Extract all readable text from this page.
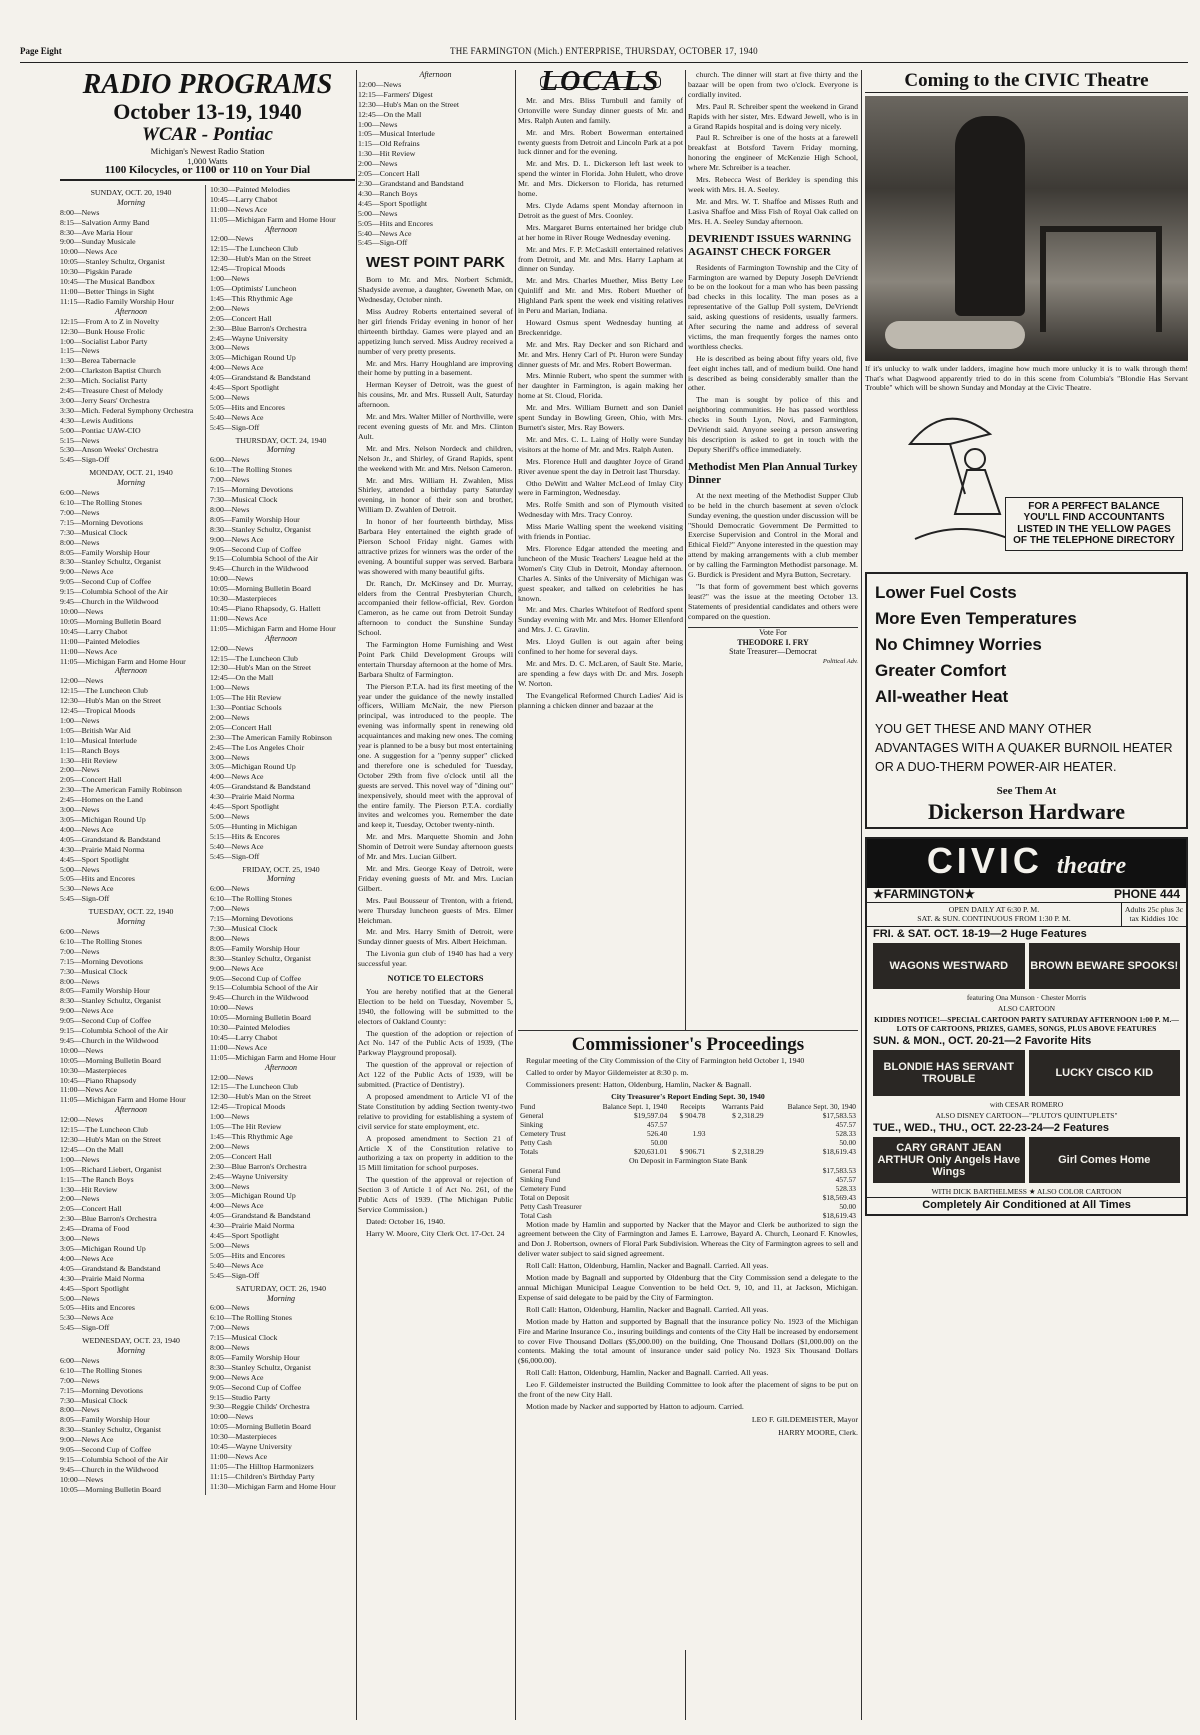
Page Eight	THE FARMINGTON (Mich.) ENTERPRISE, THURSDAY, OCTOBER 17, 1940
RADIO PROGRAMS
October 13-19, 1940
WCAR - Pontiac
Michigan's Newest Radio Station
1,000 Watts
1100 Kilocycles, or 1100 or 110 on Your Dial
SUNDAY, OCT. 20, 1940
Morning
8:00—News
8:15—Salvation Army Band
8:30—Ave Maria Hour
9:00—Sunday Musicale
10:00—News Ace
10:05—Stanley Schultz, Organist
10:30—Pigskin Parade
10:45—The Musical Bandbox
11:00—Better Things in Sight
11:15—Radio Family Worship Hour
Afternoon
12:15—From A to Z in Novelty
12:30—Bunk House Frolic
1:00—Socialist Labor Party
1:15—News
1:30—Berea Tabernacle
2:00—Clarkston Baptist Church
2:30—Mich. Socialist Party
2:45—Treasure Chest of Melody
3:00—Jerry Sears' Orchestra
3:30—Mich. Federal Symphony Orchestra
4:30—Lewis Auditions
5:00—Pontiac UAW-CIO
5:15—News
5:30—Anson Weeks' Orchestra
5:45—Sign-Off
MONDAY, OCT. 21, 1940
Morning
6:00—News
6:10—The Rolling Stones
7:00—News
7:15—Morning Devotions
7:30—Musical Clock
8:00—News
8:05—Family Worship Hour
8:30—Stanley Schultz, Organist
9:00—News Ace
9:05—Second Cup of Coffee
9:15—Columbia School of the Air
9:45—Church in the Wildwood
10:00—News
10:05—Morning Bulletin Board
10:45—Larry Chabot
11:00—Painted Melodies
11:00—News Ace
11:05—Michigan Farm and Home Hour
Afternoon
12:00—News
12:15—The Luncheon Club
12:30—Hub's Man on the Street
12:45—Tropical Moods
1:00—News
1:05—British War Aid
1:10—Musical Interlude
1:15—Ranch Boys
1:30—Hit Review
2:00—News
2:05—Concert Hall
2:30—The American Family Robinson
2:45—Homes on the Land
3:00—News
3:05—Michigan Round Up
4:00—News Ace
4:05—Grandstand & Bandstand
4:30—Prairie Maid Norma
4:45—Sport Spotlight
5:00—News
5:05—Hits and Encores
5:30—News Ace
5:45—Sign-Off
TUESDAY, OCT. 22, 1940
Morning
6:00—News
6:10—The Rolling Stones
7:00—News
7:15—Morning Devotions
7:30—Musical Clock
8:00—News
8:05—Family Worship Hour
8:30—Stanley Schultz, Organist
9:00—News Ace
9:05—Second Cup of Coffee
9:15—Columbia School of the Air
9:45—Church in the Wildwood
10:00—News
10:05—Morning Bulletin Board
10:30—Masterpieces
10:45—Piano Rhapsody
11:00—News Ace
11:05—Michigan Farm and Home Hour
Afternoon
12:00—News
12:15—The Luncheon Club
12:30—Hub's Man on the Street
12:45—On the Mall
1:00—News
1:05—Richard Liebert, Organist
1:15—The Ranch Boys
1:30—Hit Review
2:00—News
2:05—Concert Hall
2:30—Blue Barron's Orchestra
2:45—Drama of Food
3:00—News
3:05—Michigan Round Up
4:00—News Ace
4:05—Grandstand & Bandstand
4:30—Prairie Maid Norma
4:45—Sport Spotlight
5:00—News
5:05—Hits and Encores
5:30—News Ace
5:45—Sign-Off
WEDNESDAY, OCT. 23, 1940
Morning
6:00—News
6:10—The Rolling Stones
7:00—News
7:15—Morning Devotions
7:30—Musical Clock
8:00—News
8:05—Family Worship Hour
8:30—Stanley Schultz, Organist
9:00—News Ace
9:05—Second Cup of Coffee
9:15—Columbia School of the Air
9:45—Church in the Wildwood
10:00—News
10:05—Morning Bulletin Board
10:30—Painted Melodies
10:45—Larry Chabot
11:00—News Ace
11:05—Michigan Farm and Home Hour
Afternoon
12:00—News
12:15—The Luncheon Club
12:30—Hub's Man on the Street
12:45—Tropical Moods
1:00—News
1:05—Optimists' Luncheon
1:45—This Rhythmic Age
2:00—News
2:05—Concert Hall
2:30—Blue Barron's Orchestra
2:45—Wayne University
3:00—News
3:05—Michigan Round Up
4:00—News Ace
4:05—Grandstand & Bandstand
4:45—Sport Spotlight
5:00—News
5:05—Hits and Encores
5:40—News Ace
5:45—Sign-Off
THURSDAY, OCT. 24, 1940
Morning
6:00—News
6:10—The Rolling Stones
7:00—News
7:15—Morning Devotions
7:30—Musical Clock
8:00—News
8:05—Family Worship Hour
8:30—Stanley Schultz, Organist
9:00—News Ace
9:05—Second Cup of Coffee
9:15—Columbia School of the Air
9:45—Church in the Wildwood
10:00—News
10:05—Morning Bulletin Board
10:30—Masterpieces
10:45—Piano Rhapsody, G. Hallett
11:00—News Ace
11:05—Michigan Farm and Home Hour
Afternoon
12:00—News
12:15—The Luncheon Club
12:30—Hub's Man on the Street
12:45—On the Mall
1:00—News
1:05—The Hit Review
1:30—Pontiac Schools
2:00—News
2:05—Concert Hall
2:30—The American Family Robinson
2:45—The Los Angeles Choir
3:00—News
3:05—Michigan Round Up
4:00—News Ace
4:05—Grandstand & Bandstand
4:30—Prairie Maid Norma
4:45—Sport Spotlight
5:00—News
5:05—Hunting in Michigan
5:15—Hits & Encores
5:40—News Ace
5:45—Sign-Off
FRIDAY, OCT. 25, 1940
Morning
6:00—News
6:10—The Rolling Stones
7:00—News
7:15—Morning Devotions
7:30—Musical Clock
8:00—News
8:05—Family Worship Hour
8:30—Stanley Schultz, Organist
9:00—News Ace
9:05—Second Cup of Coffee
9:15—Columbia School of the Air
9:45—Church in the Wildwood
10:00—News
10:05—Morning Bulletin Board
10:30—Painted Melodies
10:45—Larry Chabot
11:00—News Ace
11:05—Michigan Farm and Home Hour
Afternoon
12:00—News
12:15—The Luncheon Club
12:30—Hub's Man on the Street
12:45—Tropical Moods
1:00—News
1:05—The Hit Review
1:45—This Rhythmic Age
2:00—News
2:05—Concert Hall
2:30—Blue Barron's Orchestra
2:45—Wayne University
3:00—News
3:05—Michigan Round Up
4:00—News Ace
4:05—Grandstand & Bandstand
4:30—Prairie Maid Norma
4:45—Sport Spotlight
5:00—News
5:05—Hits and Encores
5:40—News Ace
5:45—Sign-Off
SATURDAY, OCT. 26, 1940
Morning
6:00—News
6:10—The Rolling Stones
7:00—News
7:15—Musical Clock
8:00—News
8:05—Family Worship Hour
8:30—Stanley Schultz, Organist
9:00—News Ace
9:05—Second Cup of Coffee
9:15—Studio Party
9:30—Reggie Childs' Orchestra
10:00—News
10:05—Morning Bulletin Board
10:30—Masterpieces
10:45—Wayne University
11:00—News Ace
11:05—The Hilltop Harmonizers
11:15—Children's Birthday Party
11:30—Michigan Farm and Home Hour
Afternoon
12:00—News
12:15—Farmers' Digest
12:30—Hub's Man on the Street
12:45—On the Mall
1:00—News
1:05—Musical Interlude
1:15—Old Refrains
1:30—Hit Review
2:00—News
2:05—Concert Hall
2:30—Grandstand and Bandstand
4:30—Ranch Boys
4:45—Sport Spotlight
5:00—News
5:05—Hits and Encores
5:40—News Ace
5:45—Sign-Off
WEST POINT PARK

Born to Mr. and Mrs. Norbert Schmidt, Shadyside avenue, a daughter, Gweneth Mae, on Wednesday, October ninth.

Miss Audrey Roberts entertained several of her girl friends Friday evening in honor of her thirteenth birthday. Games were played and an appetizing lunch served. Miss Audrey received a number of very pretty presents.

Mr. and Mrs. Harry Houghland are improving their home by putting in a basement.

Herman Keyser of Detroit, was the guest of his cousins, Mr. and Mrs. Russell Ault, Saturday afternoon.

Mr. and Mrs. Walter Miller of Northville, were recent evening guests of Mr. and Mrs. Clinton Ault.

Mr. and Mrs. Nelson Nordeck and children, Nelson Jr., and Shirley, of Grand Rapids, spent the weekend with Mr. and Mrs. Nelson Cameron.

Mr. and Mrs. William H. Zwahlen, Miss Shirley, attended a birthday party Saturday evening, in honor of their son and brother, William D. Zwahlen of Detroit.

In honor of her fourteenth birthday, Miss Barbara Hey entertained the eighth grade of Pierson School Friday night. Games with attractive prizes for winners was the order of the evening. A bountiful supper was served. Barbara was showered with many beautiful gifts.

Dr. Ranch, Dr. McKinsey and Dr. Murray, elders from the Central Presbyterian Church, accompanied their fellow-official, Rev. Gordon Cameron, as he came out from Detroit Sunday afternoon to conduct the Sunshine Sunday School.

The Farmington Home Furnishing and West Point Park Child Development Groups will entertain Thursday afternoon at the home of Mrs. Barbara Shultz of Farmington.

The Pierson P.T.A. had its first meeting of the year under the guidance of the newly installed officers, William McNair, the new Pierson principal, was introduced to the people. The evening was informally spent in renewing old acquaintances and making new ones. The coming year is planned to be a busy but most entertaining one. A suggestion for a "penny supper" clicked and therefore one is scheduled for Tuesday, October 29th from five o'clock until all the guests are served. This novel way of "dining out" inexpensively, should meet with the approval of the entire family. The Pierson P.T.A. cordially invites and welcomes you. Remember the date and keep it, Tuesday, October twenty-ninth.

Mr. and Mrs. Marquette Shomin and John Shomin of Detroit were Sunday afternoon guests of Mr. and Mrs. Lucian Gilbert.

Mr. and Mrs. George Keay of Detroit, were Friday evening guests of Mr. and Mrs. Lucian Gilbert.

Mrs. Paul Bousseur of Trenton, with a friend, were Thursday luncheon guests of Mrs. Elmer Heichman.

Mr. and Mrs. Harry Smith of Detroit, were Sunday dinner guests of Mrs. Albert Heichman.

The Livonia gun club of 1940 has had a very successful year.

NOTICE TO ELECTORS

You are hereby notified that at the General Election to be held on Tuesday, November 5, 1940, the following will be submitted to the electors of Oakland County:

The question of the adoption or rejection of Act No. 147 of the Public Acts of 1939, (The Parkway Playground proposal).

The question of the approval or rejection of Act 122 of the Public Acts of 1939, will be submitted. (Practice of Dentistry).

A proposed amendment to Article VI of the State Constitution by adding Section twenty-two relative to providing for establishing a system of civil service for state employment, etc.

A proposed amendment to Section 21 of Article X of the Constitution relative to authorizing a tax on property in addition to the 15 Mill limitation for school purposes.

The question of the approval or rejection of Section 3 of Article 1 of Act No. 261, of the Public Acts of 1939. (The Michigan Public Service Commission.)

Dated: October 16, 1940.

Harry W. Moore, City Clerk Oct. 17-Oct. 24

LOCALS

Mr. and Mrs. Bliss Turnbull and family of Ortonville were Sunday dinner guests of Mr. and Mrs. Ralph Auten and family.

Mr. and Mrs. Robert Bowerman entertained twenty guests from Detroit and Lincoln Park at a pot luck dinner and for the evening.

Mr. and Mrs. D. L. Dickerson left last week to spend the winter in Florida. John Hulett, who drove Mr. and Mrs. Dickerson to Florida, has returned home.

Mrs. Clyde Adams spent Monday afternoon in Detroit as the guest of Mrs. Coonley.

Mrs. Margaret Burns entertained her bridge club at her home in River Rouge Wednesday evening.

Mr. and Mrs. F. P. McCaskill entertained relatives from Detroit, and Mr. and Mrs. Harry Lapham at dinner on Sunday.

Mr. and Mrs. Charles Muether, Miss Betty Lee Quinliff and Mr. and Mrs. Robert Muether of Highland Park spent the week end visiting relatives in Peru and Marian, Indiana.

Howard Osmus spent Wednesday hunting at Breckenridge.

Mr. and Mrs. Ray Decker and son Richard and Mr. and Mrs. Henry Carl of Pt. Huron were Sunday dinner guests of Mr. and Mrs. Robert Bowerman.

Mrs. Minnie Rubert, who spent the summer with her daughter in Farmington, is again making her home at St. Cloud, Florida.

Mr. and Mrs. William Burnett and son Daniel spent Sunday in Bowling Green, Ohio, with Mrs. Burnett's sister, Mrs. Ray Bowers.

Mr. and Mrs. C. L. Laing of Holly were Sunday visitors at the home of Mr. and Mrs. Ralph Auten.

Mrs. Florence Hull and daughter Joyce of Grand River avenue spent the day in Detroit last Thursday.

Otho DeWitt and Walter McLeod of Imlay City were in Farmington, Wednesday.

Mrs. Rolfe Smith and son of Plymouth visited Wednesday with Mrs. Tracy Conroy.

Miss Marie Walling spent the weekend visiting with friends in Pontiac.

Mrs. Florence Edgar attended the meeting and luncheon of the Music Teachers' League held at the Women's City Club in Detroit, Monday afternoon. Charles A. Sinks of the University of Michigan was guest speaker, and talked on celebrities he has known.

Mr. and Mrs. Charles Whitefoot of Redford spent Sunday evening with Mr. and Mrs. Homer Ellenford and Mrs. J. C. Gravlin.

Mrs. Lloyd Gullen is out again after being confined to her home for several days.

Mr. and Mrs. D. C. McLaren, of Sault Ste. Marie, are spending a few days with Dr. and Mrs. Joseph W. Norton.

The Evangelical Reformed Church Ladies' Aid is planning a chicken dinner and bazaar at the

church. The dinner will start at five thirty and the bazaar will be open from two o'clock. Everyone is cordially invited.

Mrs. Paul R. Schreiber spent the weekend in Grand Rapids with her sister, Mrs. Edward Jewell, who is in a Grand Rapids hospital and is doing very nicely.

Paul R. Schreiber is one of the hosts at a farewell breakfast at Botsford Tavern Friday morning, honoring the engineer of McKenzie High School, where Mr. Schreiber is a teacher.

Mrs. Rebecca West of Berkley is spending this week with Mrs. H. A. Seeley.

Mr. and Mrs. W. T. Shaffoe and Misses Ruth and Lasiva Shaffoe and Miss Fish of Royal Oak called on Mrs. H. A. Seeley Sunday afternoon.

DEVRIENDT ISSUES WARNING AGAINST CHECK FORGER

Residents of Farmington Township and the City of Farmington are warned by Deputy Joseph DeVriendt to be on the lookout for a man who has been passing bad checks in this locality. The man poses as a representative of the Gallup Poll system, DeVriendt said, asking questions of residents, usually farmers. After securing the name and address of several victims, the man frequently forges the names onto worthless checks.

He is described as being about fifty years old, five feet eight inches tall, and of medium build. One hand is described as being considerably smaller than the other.

The man is sought by police of this and neighboring communities. He has passed worthless checks in South Lyon, Novi, and Farmington, DeVriendt said. Anyone seeing a person answering his description is asked to get in touch with the Deputy Sheriff's office immediately.

Methodist Men Plan Annual Turkey Dinner

At the next meeting of the Methodist Supper Club to be held in the church basement at seven o'clock Sunday evening, the question under discussion will be "Should Democratic Government De Permitted to Exercise Supervision and Control in the Moral and Ethical Field?" Anyone interested in the question may attend by making arrangements with a club member or by calling the Farmington Methodist parsonage. M. G. Burdick is President and Myra Button, Secretary.

"Is that form of government best which governs least?" was the issue at the meeting October 13. Statements of presidential candidates and others were compared on the question.

Vote For
THEODORE I. FRY
State Treasurer—Democrat
Political Adv.
Commissioner's Proceedings

Regular meeting of the City Commission of the City of Farmington held October 1, 1940

Called to order by Mayor Gildemeister at 8:30 p. m.

Commissioners present: Hatton, Oldenburg, Hamlin, Nacker & Bagnall.

City Treasurer's Report Ending Sept. 30, 1940
Fund	Balance Sept. 1, 1940	Receipts	Warrants Paid	Balance Sept. 30, 1940
General	$19,597.04	$ 904.78	$ 2,318.29	$17,583.53
Sinking	457.57			457.57
Cemetery Trust	526.40	1.93		528.33
Petty Cash	50.00			50.00
Totals	$20,631.01	$ 906.71	$ 2,318.29	$18,619.43
On Deposit in Farmington State Bank
General Fund	$17,583.53
Sinking Fund	457.57
Cemetery Fund	528.33
Total on Deposit	$18,569.43
Petty Cash Treasurer	50.00
Total Cash	$18,619.43

Motion made by Hamlin and supported by Nacker that the Mayor and Clerk be authorized to sign the agreement between the City of Farmington and James E. Larrowe, Bayard A. Church, Leonard F. Knowles, and Don J. Robertson, owners of Floral Park Subdivision. Whereas the City of Farmington agrees to sell and deliver water subject to said signed agreement.

Roll Call: Hatton, Oldenburg, Hamlin, Nacker and Bagnall. Carried. All yeas.

Motion made by Bagnall and supported by Oldenburg that the City Commission send a delegate to the annual Michigan Municipal League Convention to be held Oct. 9, 10, and 11, at Jackson, Michigan. Expense of said delegate to be paid by the City of Farmington.

Roll Call: Hatton, Oldenburg, Hamlin, Nacker and Bagnall. Carried. All yeas.

Motion made by Hatton and supported by Bagnall that the insurance policy No. 1923 of the Michigan Fire and Marine Insurance Co., insuring buildings and contents of the City Hall be increased by endorsement to cover Five Thousand Dollars ($5,000.00) on the building, One Thousand Dollars ($1,000.00) on the contents. Making the total amount of insurance under said policy No. 1923 Six Thousand Dollars ($6,000.00).

Roll Call: Hatton, Oldenburg, Hamlin, Nacker and Bagnall. Carried. All yeas.

Leo F. Gildemeister instructed the Building Committee to look after the placement of signs to be put on the front of the new City Hall.

Motion made by Nacker and supported by Hatton to adjourn. Carried.

LEO F. GILDEMEISTER, Mayor
HARRY MOORE, Clerk.
Coming to the CIVIC Theatre
If it's unlucky to walk under ladders, imagine how much more unlucky it is to walk through them! That's what Dagwood apparently tried to do in this scene from Columbia's "Blondie Has Servant Trouble" which will be shown Sunday and Monday at the Civic Theatre.
FOR A PERFECT BALANCE YOU'LL FIND ACCOUNTANTS LISTED IN THE YELLOW PAGES OF THE TELEPHONE DIRECTORY
Lower Fuel Costs
More Even Temperatures
No Chimney Worries
Greater Comfort
All-weather Heat
YOU GET THESE AND MANY OTHER ADVANTAGES WITH A QUAKER BURNOIL HEATER OR A DUO-THERM POWER-AIR HEATER.
See Them At
Dickerson Hardware
CIVIC theatre
★FARMINGTON★	PHONE 444
OPEN DAILY AT 6:30 P. M.
SAT. & SUN. CONTINUOUS FROM 1:30 P. M.
Adults 25c plus 3c tax Kiddies 10c
FRI. & SAT. OCT. 18-19—2 Huge Features
WAGONS WESTWARD	BROWN BEWARE SPOOKS!
featuring Ona Munson · Chester Morris
ALSO CARTOON
KIDDIES NOTICE!—SPECIAL CARTOON PARTY SATURDAY AFTERNOON 1:00 P. M.—LOTS OF CARTOONS, PRIZES, GAMES, SONGS, PLUS ABOVE FEATURES
SUN. & MON., OCT. 20-21—2 Favorite Hits
BLONDIE HAS SERVANT TROUBLE	LUCKY CISCO KID
with CESAR ROMERO
ALSO DISNEY CARTOON—"PLUTO'S QUINTUPLETS"
TUE., WED., THU., OCT. 22-23-24—2 Features
CARY GRANT JEAN ARTHUR Only Angels Have Wings
Girl Comes Home
WITH DICK BARTHELMESS ★ ALSO COLOR CARTOON
Completely Air Conditioned at All Times
